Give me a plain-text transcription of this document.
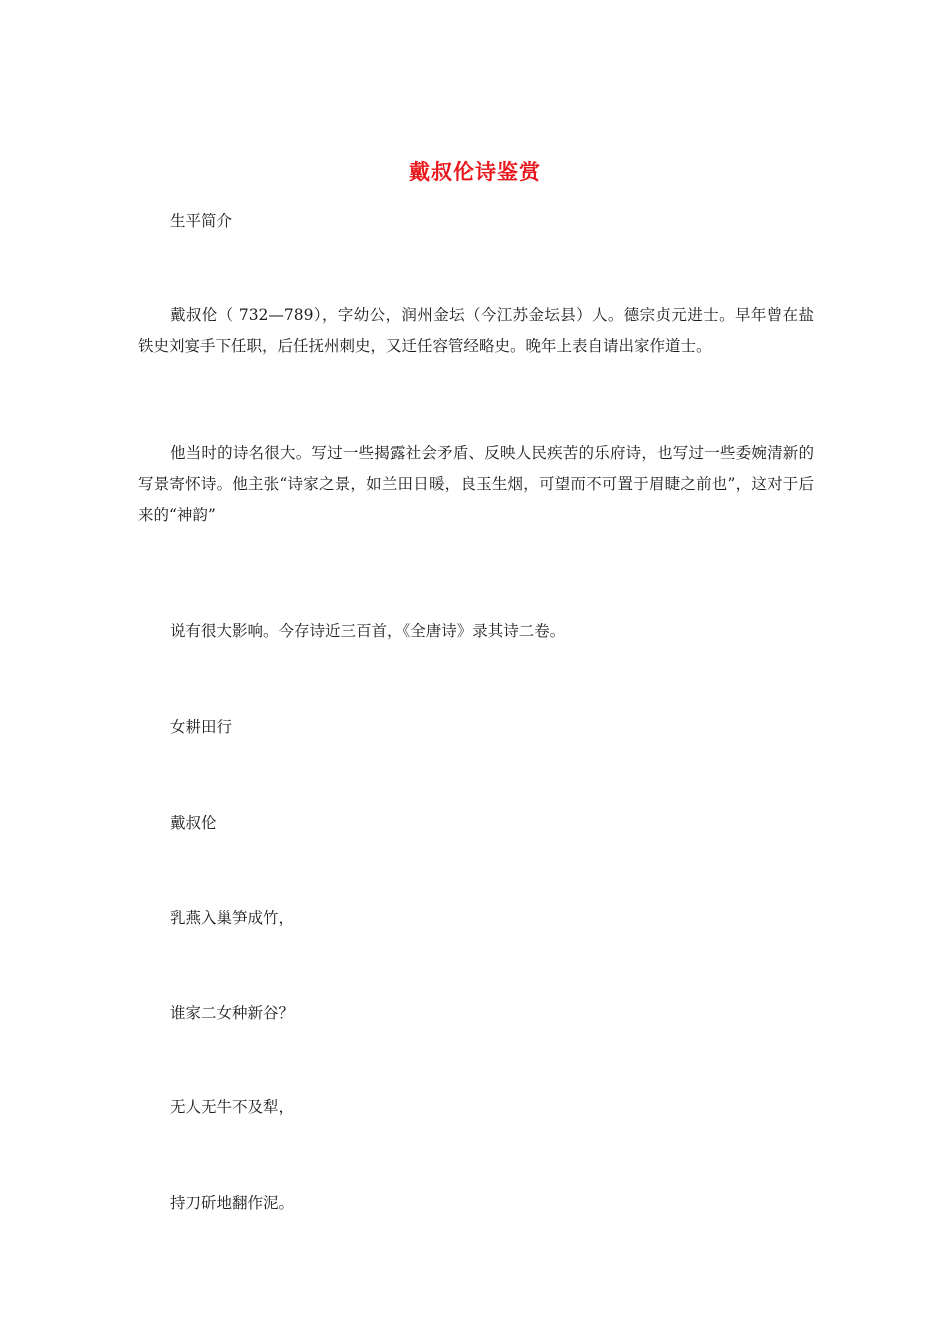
戴叔伦诗鉴赏

生平简介

戴叔伦（ 732—789），字幼公，润州金坛（今江苏金坛县）人。德宗贞元进士。早年曾在盐铁史刘宴手下任职，后任抚州刺史，又迁任容管经略史。晚年上表自请出家作道士。

他当时的诗名很大。写过一些揭露社会矛盾、反映人民疾苦的乐府诗，也写过一些委婉清新的写景寄怀诗。他主张“诗家之景，如兰田日暖，良玉生烟，可望而不可置于眉睫之前也”，这对于后来的“神韵”

说有很大影响。今存诗近三百首，《全唐诗》录其诗二卷。

女耕田行

戴叔伦

乳燕入巢笋成竹，

谁家二女种新谷？

无人无牛不及犁，

持刀斫地翻作泥。
